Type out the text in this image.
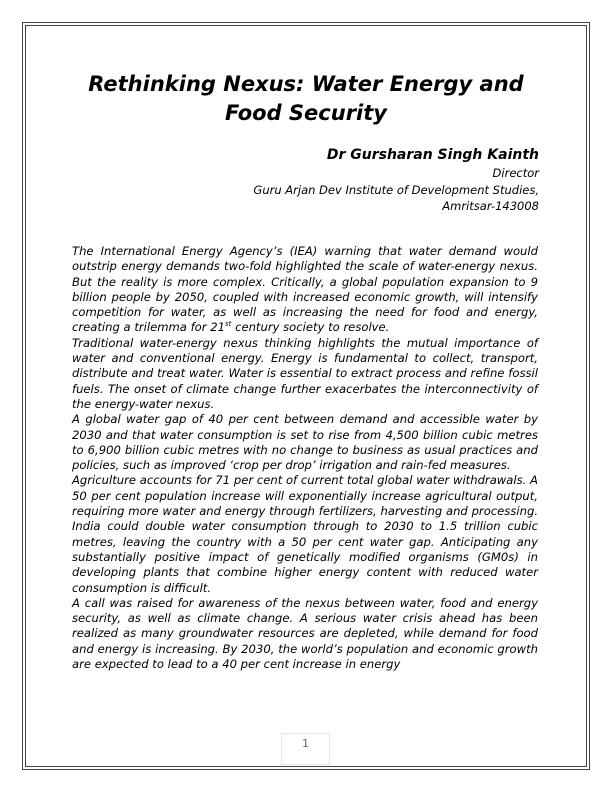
Rethinking Nexus: Water Energy and Food Security
Dr Gursharan Singh Kainth
Director
Guru Arjan Dev Institute of Development Studies,
Amritsar-143008

The International Energy Agency’s (IEA) warning that water demand would outstrip energy demands two-fold highlighted the scale of water-energy nexus. But the reality is more complex. Critically, a global population expansion to 9 billion people by 2050, coupled with increased economic growth, will intensify competition for water, as well as increasing the need for food and energy, creating a trilemma for 21st century society to resolve.

Traditional water-energy nexus thinking highlights the mutual importance of water and conventional energy. Energy is fundamental to collect, transport, distribute and treat water. Water is essential to extract process and refine fossil fuels. The onset of climate change further exacerbates the interconnectivity of the energy-water nexus.

A global water gap of 40 per cent between demand and accessible water by 2030 and that water consumption is set to rise from 4,500 billion cubic metres to 6,900 billion cubic metres with no change to business as usual practices and policies, such as improved ‘crop per drop’ irrigation and rain-fed measures.

Agriculture accounts for 71 per cent of current total global water withdrawals. A 50 per cent population increase will exponentially increase agricultural output, requiring more water and energy through fertilizers, harvesting and processing. India could double water consumption through to 2030 to 1.5 trillion cubic metres, leaving the country with a 50 per cent water gap. Anticipating any substantially positive impact of genetically modified organisms (GM0s) in developing plants that combine higher energy content with reduced water consumption is difficult.

A call was raised for awareness of the nexus between water, food and energy security, as well as climate change. A serious water crisis ahead has been realized as many groundwater resources are depleted, while demand for food and energy is increasing. By 2030, the world’s population and economic growth are expected to lead to a 40 per cent increase in energy

1
